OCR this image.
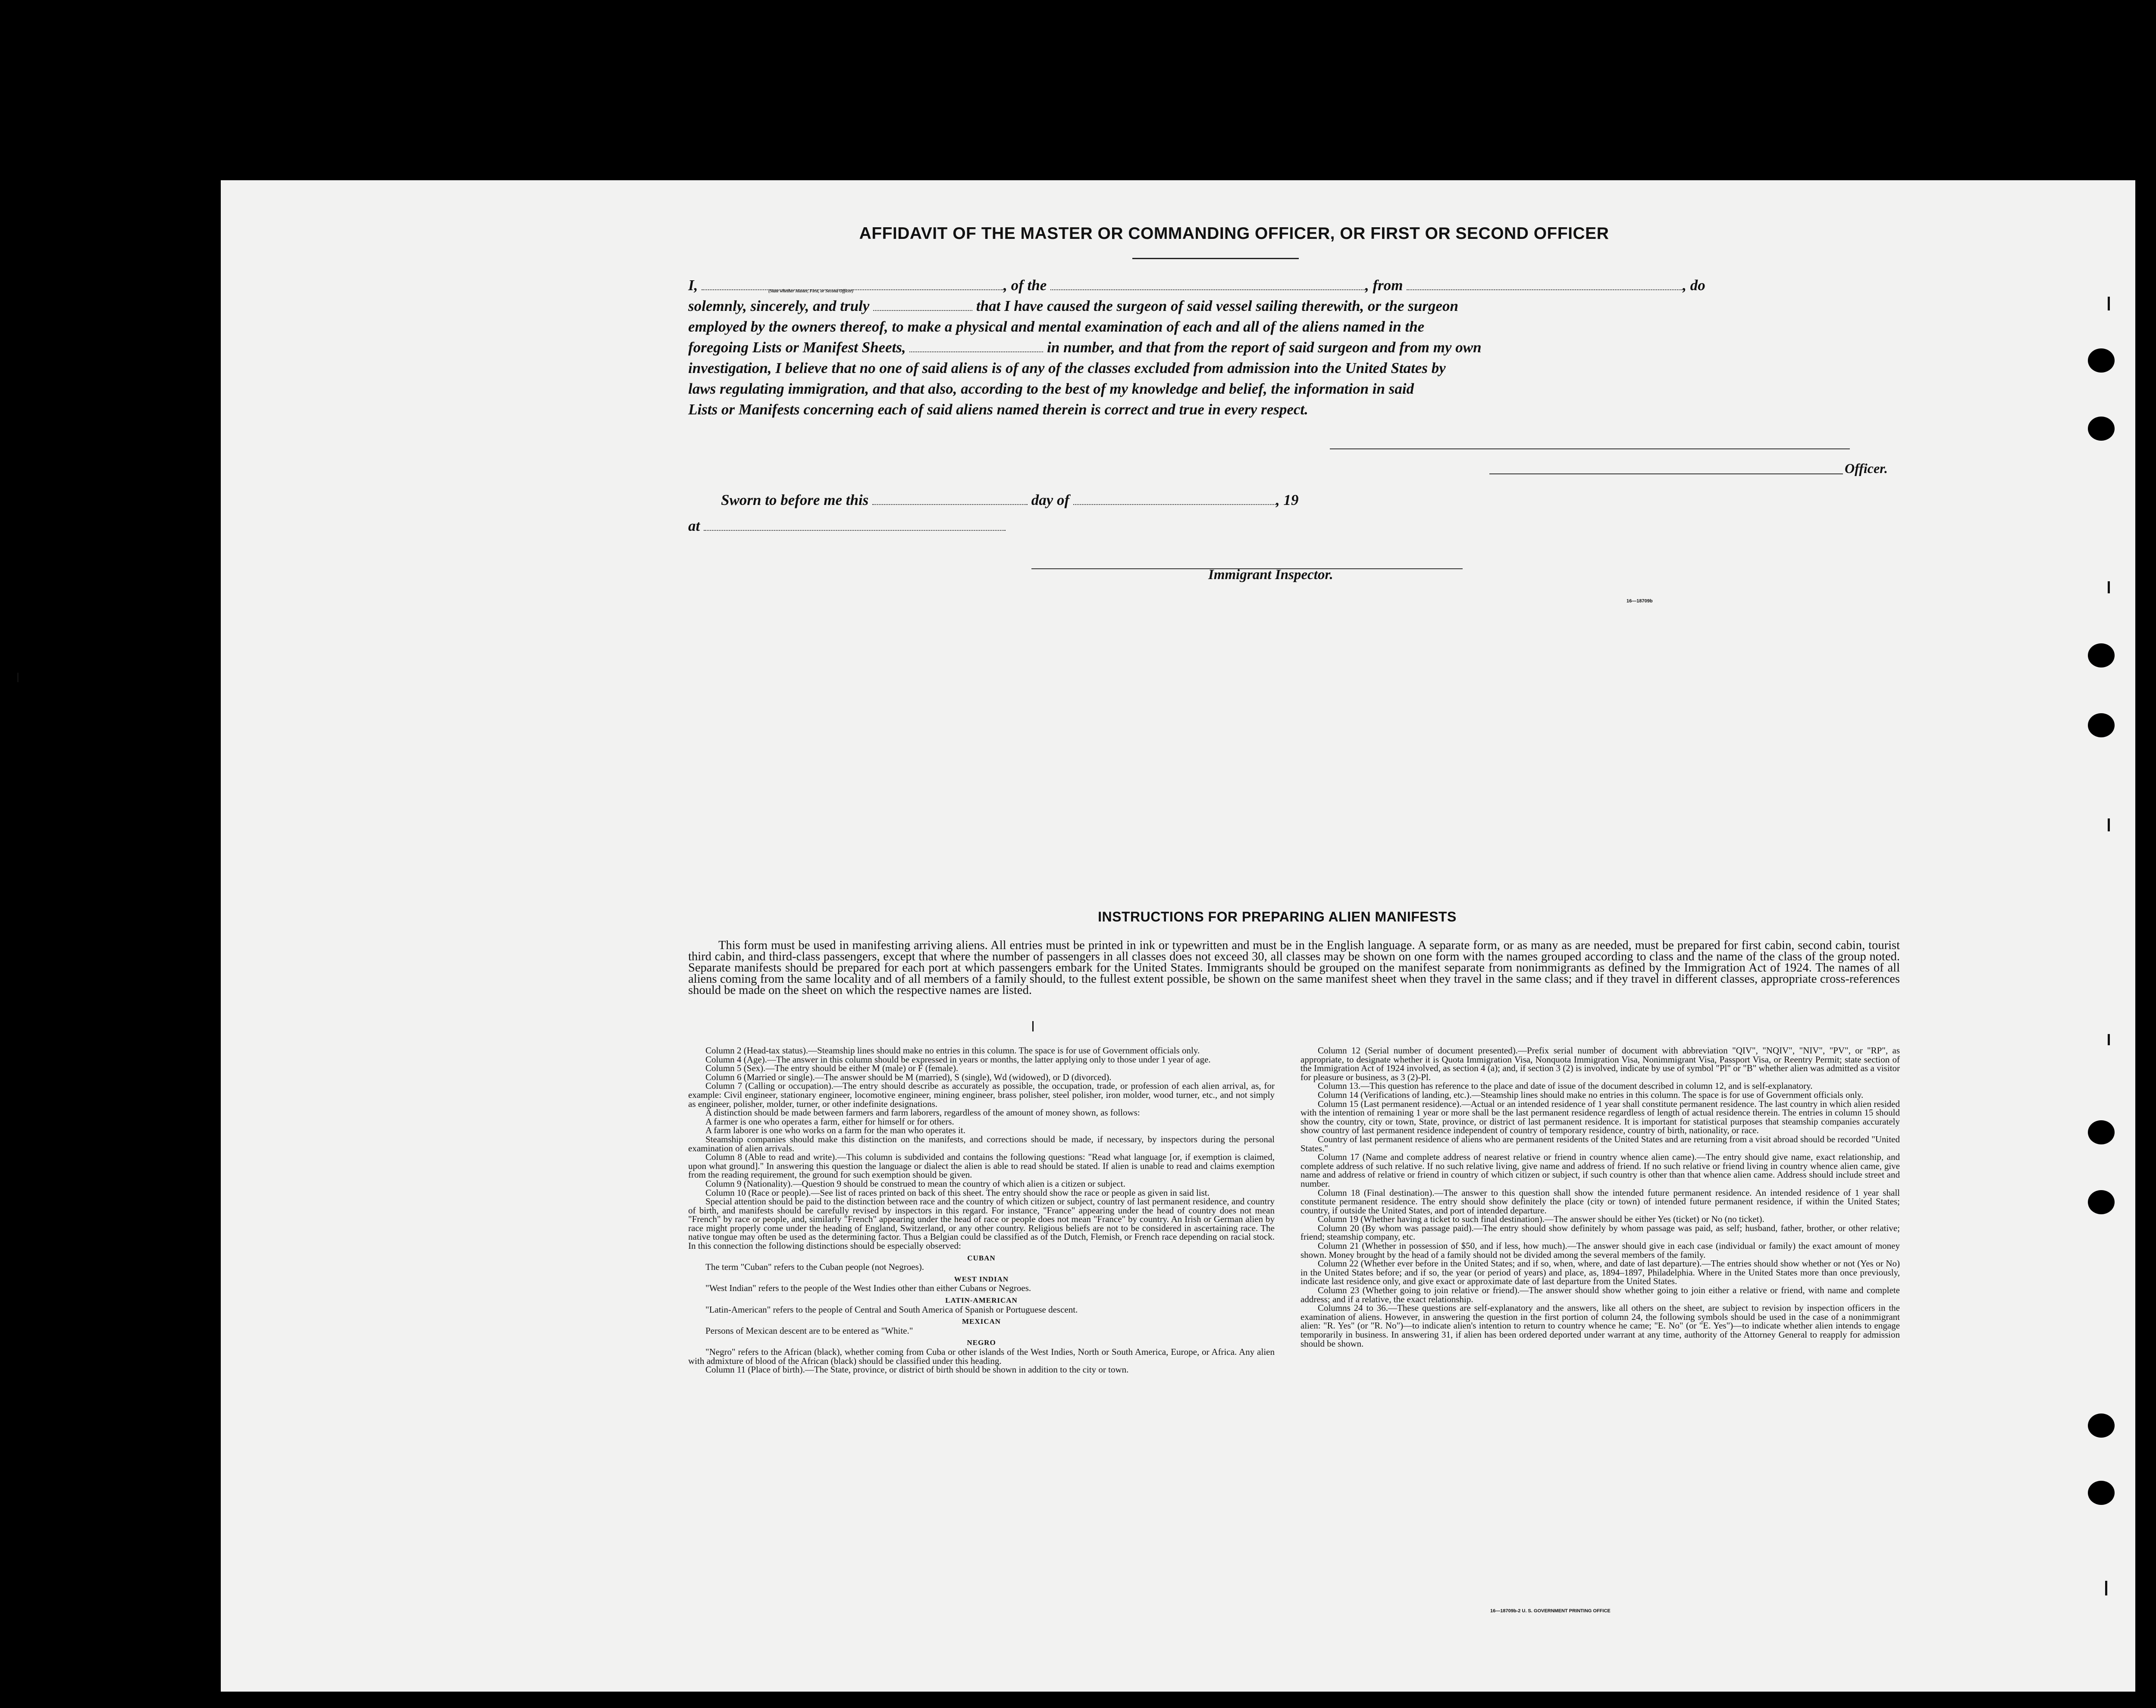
AFFIDAVIT OF THE MASTER OR COMMANDING OFFICER, OR FIRST OR SECOND OFFICER
I,	, of the	, from	, do
solemnly, sincerely, and truly	that I have caused the surgeon of said vessel sailing therewith, or the surgeon
employed by the owners thereof, to make a physical and mental examination of each and all of the aliens named in the
foregoing Lists or Manifest Sheets,	in number, and that from the report of said surgeon and from my own
investigation, I believe that no one of said aliens is of any of the classes excluded from admission into the United States by
laws regulating immigration, and that also, according to the best of my knowledge and belief, the information in said
Lists or Manifests concerning each of said aliens named therein is correct and true in every respect.
(State whether Master, First, or Second Officer)
Officer.
Sworn to before me this	day of	, 19
at
Immigrant Inspector.
16—18709b
INSTRUCTIONS FOR PREPARING ALIEN MANIFESTS
This form must be used in manifesting arriving aliens. All entries must be printed in ink or typewritten and must be in the English language. A separate form, or as many as are needed, must be prepared for first cabin, second cabin, tourist third cabin, and third-class passengers, except that where the number of passengers in all classes does not exceed 30, all classes may be shown on one form with the names grouped according to class and the name of the class of the group noted. Separate manifests should be prepared for each port at which passengers embark for the United States. Immigrants should be grouped on the manifest separate from nonimmigrants as defined by the Immigration Act of 1924. The names of all aliens coming from the same locality and of all members of a family should, to the fullest extent possible, be shown on the same manifest sheet when they travel in the same class; and if they travel in different classes, appropriate cross-references should be made on the sheet on which the respective names are listed.

Column 2 (Head-tax status).—Steamship lines should make no entries in this column. The space is for use of Government officials only.

Column 4 (Age).—The answer in this column should be expressed in years or months, the latter applying only to those under 1 year of age.

Column 5 (Sex).—The entry should be either M (male) or F (female).

Column 6 (Married or single).—The answer should be M (married), S (single), Wd (widowed), or D (divorced).

Column 7 (Calling or occupation).—The entry should describe as accurately as possible, the occupation, trade, or profession of each alien arrival, as, for example: Civil engineer, stationary engineer, locomotive engineer, mining engineer, brass polisher, steel polisher, iron molder, wood turner, etc., and not simply as engineer, polisher, molder, turner, or other indefinite designations.

A distinction should be made between farmers and farm laborers, regardless of the amount of money shown, as follows:

A farmer is one who operates a farm, either for himself or for others.

A farm laborer is one who works on a farm for the man who operates it.

Steamship companies should make this distinction on the manifests, and corrections should be made, if necessary, by inspectors during the personal examination of alien arrivals.

Column 8 (Able to read and write).—This column is subdivided and contains the following questions: "Read what language [or, if exemption is claimed, upon what ground]." In answering this question the language or dialect the alien is able to read should be stated. If alien is unable to read and claims exemption from the reading requirement, the ground for such exemption should be given.

Column 9 (Nationality).—Question 9 should be construed to mean the country of which alien is a citizen or subject.

Column 10 (Race or people).—See list of races printed on back of this sheet. The entry should show the race or people as given in said list.

Special attention should be paid to the distinction between race and the country of which citizen or subject, country of last permanent residence, and country of birth, and manifests should be carefully revised by inspectors in this regard. For instance, "France" appearing under the head of country does not mean "French" by race or people, and, similarly "French" appearing under the head of race or people does not mean "France" by country. An Irish or German alien by race might properly come under the heading of England, Switzerland, or any other country. Religious beliefs are not to be considered in ascertaining race. The native tongue may often be used as the determining factor. Thus a Belgian could be classified as of the Dutch, Flemish, or French race depending on racial stock. In this connection the following distinctions should be especially observed:

CUBAN

The term "Cuban" refers to the Cuban people (not Negroes).

WEST INDIAN

"West Indian" refers to the people of the West Indies other than either Cubans or Negroes.

LATIN-AMERICAN

"Latin-American" refers to the people of Central and South America of Spanish or Portuguese descent.

MEXICAN

Persons of Mexican descent are to be entered as "White."

NEGRO

"Negro" refers to the African (black), whether coming from Cuba or other islands of the West Indies, North or South America, Europe, or Africa. Any alien with admixture of blood of the African (black) should be classified under this heading.

Column 11 (Place of birth).—The State, province, or district of birth should be shown in addition to the city or town.

Column 12 (Serial number of document presented).—Prefix serial number of document with abbreviation "QIV", "NQIV", "NIV", "PV", or "RP", as appropriate, to designate whether it is Quota Immigration Visa, Nonquota Immigration Visa, Nonimmigrant Visa, Passport Visa, or Reentry Permit; state section of the Immigration Act of 1924 involved, as section 4 (a); and, if section 3 (2) is involved, indicate by use of symbol "Pl" or "B" whether alien was admitted as a visitor for pleasure or business, as 3 (2)-Pl.

Column 13.—This question has reference to the place and date of issue of the document described in column 12, and is self-explanatory.

Column 14 (Verifications of landing, etc.).—Steamship lines should make no entries in this column. The space is for use of Government officials only.

Column 15 (Last permanent residence).—Actual or an intended residence of 1 year shall constitute permanent residence. The last country in which alien resided with the intention of remaining 1 year or more shall be the last permanent residence regardless of length of actual residence therein. The entries in column 15 should show the country, city or town, State, province, or district of last permanent residence. It is important for statistical purposes that steamship companies accurately show country of last permanent residence independent of country of temporary residence, country of birth, nationality, or race.

Country of last permanent residence of aliens who are permanent residents of the United States and are returning from a visit abroad should be recorded "United States."

Column 17 (Name and complete address of nearest relative or friend in country whence alien came).—The entry should give name, exact relationship, and complete address of such relative. If no such relative living, give name and address of friend. If no such relative or friend living in country whence alien came, give name and address of relative or friend in country of which citizen or subject, if such country is other than that whence alien came. Address should include street and number.

Column 18 (Final destination).—The answer to this question shall show the intended future permanent residence. An intended residence of 1 year shall constitute permanent residence. The entry should show definitely the place (city or town) of intended future permanent residence, if within the United States; country, if outside the United States, and port of intended departure.

Column 19 (Whether having a ticket to such final destination).—The answer should be either Yes (ticket) or No (no ticket).

Column 20 (By whom was passage paid).—The entry should show definitely by whom passage was paid, as self; husband, father, brother, or other relative; friend; steamship company, etc.

Column 21 (Whether in possession of $50, and if less, how much).—The answer should give in each case (individual or family) the exact amount of money shown. Money brought by the head of a family should not be divided among the several members of the family.

Column 22 (Whether ever before in the United States; and if so, when, where, and date of last departure).—The entries should show whether or not (Yes or No) in the United States before; and if so, the year (or period of years) and place, as, 1894–1897, Philadelphia. Where in the United States more than once previously, indicate last residence only, and give exact or approximate date of last departure from the United States.

Column 23 (Whether going to join relative or friend).—The answer should show whether going to join either a relative or friend, with name and complete address; and if a relative, the exact relationship.

Columns 24 to 36.—These questions are self-explanatory and the answers, like all others on the sheet, are subject to revision by inspection officers in the examination of aliens. However, in answering the question in the first portion of column 24, the following symbols should be used in the case of a nonimmigrant alien: "R. Yes" (or "R. No")—to indicate alien's intention to return to country whence he came; "E. No" (or "E. Yes")—to indicate whether alien intends to engage temporarily in business. In answering 31, if alien has been ordered deported under warrant at any time, authority of the Attorney General to reapply for admission should be shown.

16—18709b-2 U. S. GOVERNMENT PRINTING OFFICE
